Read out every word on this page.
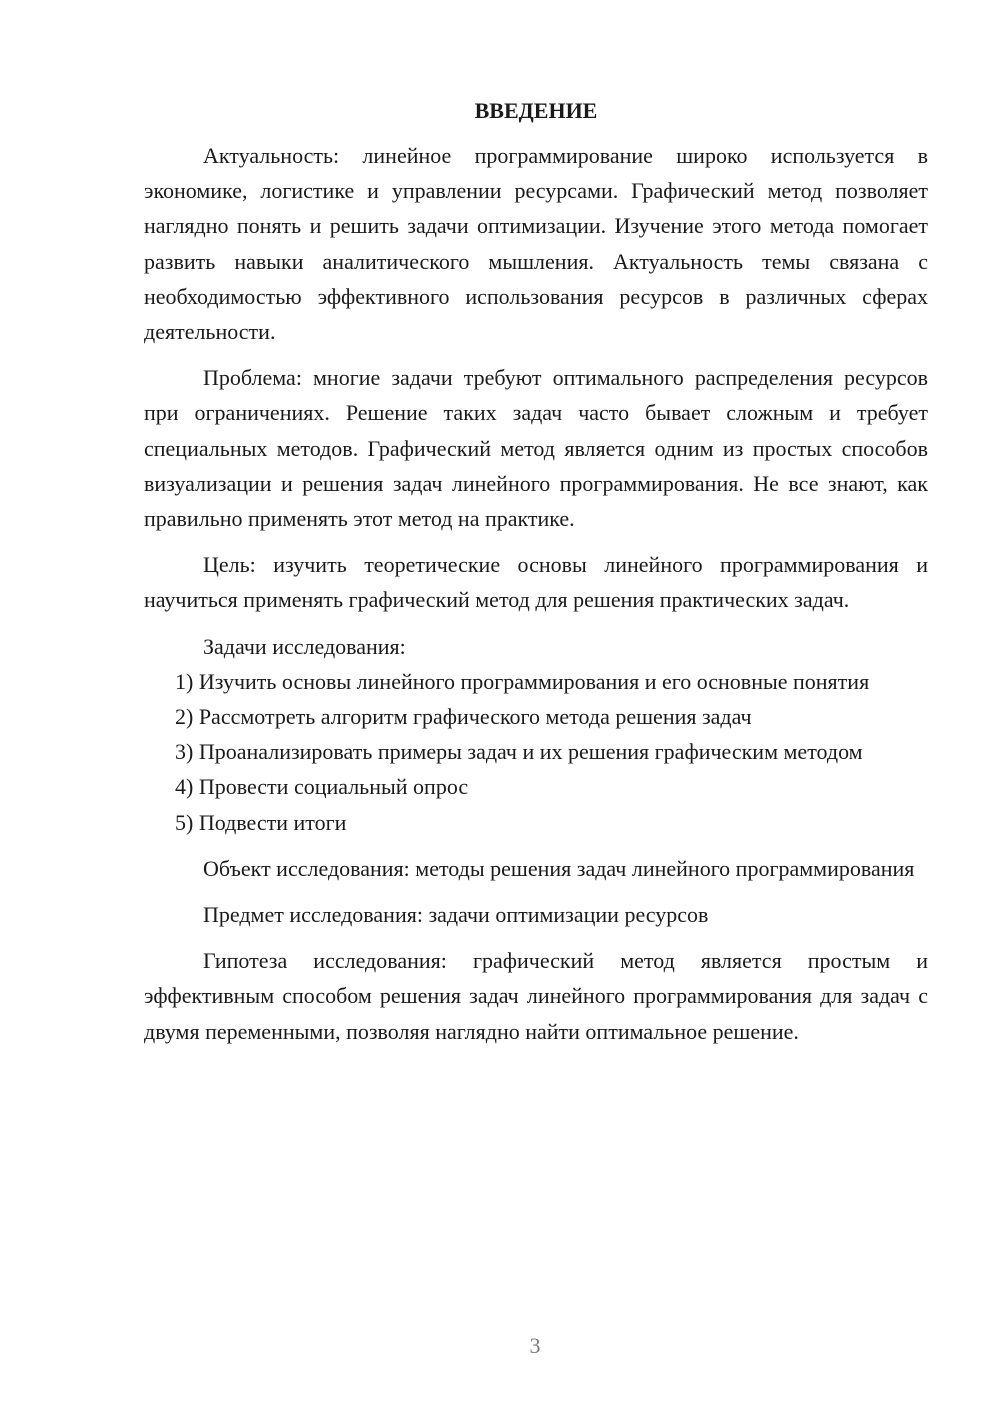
ВВЕДЕНИЕ

Актуальность: линейное программирование широко используется в экономике, логистике и управлении ресурсами. Графический метод позволяет наглядно понять и решить задачи оптимизации. Изучение этого метода помогает развить навыки аналитического мышления. Актуальность темы связана с необходимостью эффективного использования ресурсов в различных сферах деятельности.

Проблема: многие задачи требуют оптимального распределения ресурсов при ограничениях. Решение таких задач часто бывает сложным и требует специальных методов. Графический метод является одним из простых способов визуализации и решения задач линейного программирования. Не все знают, как правильно применять этот метод на практике.

Цель: изучить теоретические основы линейного программирования и научиться применять графический метод для решения практических задач.

Задачи исследования:

1) Изучить основы линейного программирования и его основные понятия

2) Рассмотреть алгоритм графического метода решения задач

3) Проанализировать примеры задач и их решения графическим методом

4) Провести социальный опрос

5) Подвести итоги

Объект исследования: методы решения задач линейного программирования

Предмет исследования: задачи оптимизации ресурсов

Гипотеза исследования: графический метод является простым и эффективным способом решения задач линейного программирования для задач с двумя переменными, позволяя наглядно найти оптимальное решение.

3
